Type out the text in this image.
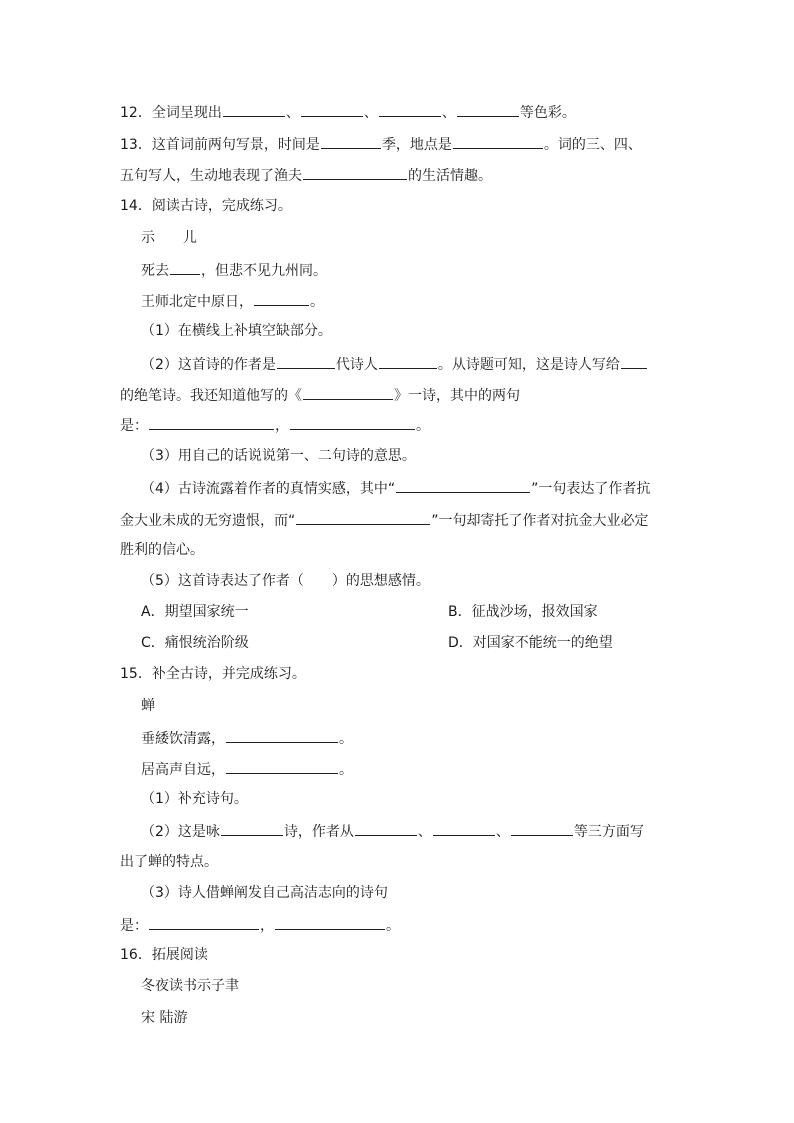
12．全词呈现出	、	、	、	等色彩。
13．这首词前两句写景，时间是	季，地点是	。词的三、四、
五句写人，生动地表现了渔夫	的生活情趣。
14．阅读古诗，完成练习。
示　　儿
死去 ，但悲不见九州同。
王师北定中原日，	。
（1）在横线上补填空缺部分。
（2）这首诗的作者是	代诗人	。从诗题可知，这是诗人写给
的绝笔诗。我还知道他写的《	》一诗，其中的两句
是：	，	。
（3）用自己的话说说第一、二句诗的意思。
（4）古诗流露着作者的真情实感，其中“	”一句表达了作者抗
金大业未成的无穷遗恨，而“	”一句却寄托了作者对抗金大业必定
胜利的信心。
（5）这首诗表达了作者（　　）的思想感情。
A．期望国家统一	B．征战沙场，报效国家
C．痛恨统治阶级	D．对国家不能统一的绝望
15．补全古诗，并完成练习。
蝉
垂緌饮清露，	。
居高声自远，	。
（1）补充诗句。
（2）这是咏	诗，作者从	、	、	等三方面写
出了蝉的特点。
（3）诗人借蝉阐发自己高洁志向的诗句
是：	，	。
16．拓展阅读
冬夜读书示子聿
宋 陆游
